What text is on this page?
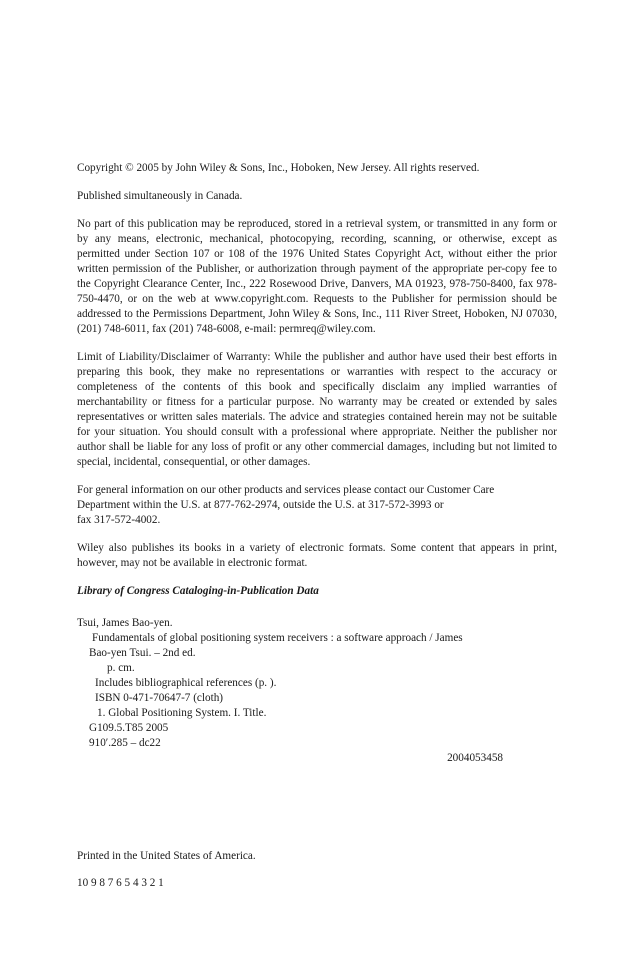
Copyright © 2005 by John Wiley & Sons, Inc., Hoboken, New Jersey. All rights reserved.

Published simultaneously in Canada.

No part of this publication may be reproduced, stored in a retrieval system, or transmitted in any form or by any means, electronic, mechanical, photocopying, recording, scanning, or otherwise, except as permitted under Section 107 or 108 of the 1976 United States Copyright Act, without either the prior written permission of the Publisher, or authorization through payment of the appropriate per-copy fee to the Copyright Clearance Center, Inc., 222 Rosewood Drive, Danvers, MA 01923, 978-750-8400, fax 978-750-4470, or on the web at www.copyright.com. Requests to the Publisher for permission should be addressed to the Permissions Department, John Wiley & Sons, Inc., 111 River Street, Hoboken, NJ 07030, (201) 748-6011, fax (201) 748-6008, e-mail: permreq@wiley.com.

Limit of Liability/Disclaimer of Warranty: While the publisher and author have used their best efforts in preparing this book, they make no representations or warranties with respect to the accuracy or completeness of the contents of this book and specifically disclaim any implied warranties of merchantability or fitness for a particular purpose. No warranty may be created or extended by sales representatives or written sales materials. The advice and strategies contained herein may not be suitable for your situation. You should consult with a professional where appropriate. Neither the publisher nor author shall be liable for any loss of profit or any other commercial damages, including but not limited to special, incidental, consequential, or other damages.

For general information on our other products and services please contact our Customer Care
Department within the U.S. at 877-762-2974, outside the U.S. at 317-572-3993 or
fax 317-572-4002.

Wiley also publishes its books in a variety of electronic formats. Some content that appears in print, however, may not be available in electronic format.

Library of Congress Cataloging-in-Publication Data
Tsui, James Bao-yen.
Fundamentals of global positioning system receivers : a software approach / James
Bao-yen Tsui. – 2nd ed.
p. cm.
Includes bibliographical references (p. ).
ISBN 0-471-70647-7 (cloth)
1. Global Positioning System. I. Title.
G109.5.T85 2005
910′.285 – dc22
2004053458
Printed in the United States of America.
10 9 8 7 6 5 4 3 2 1
